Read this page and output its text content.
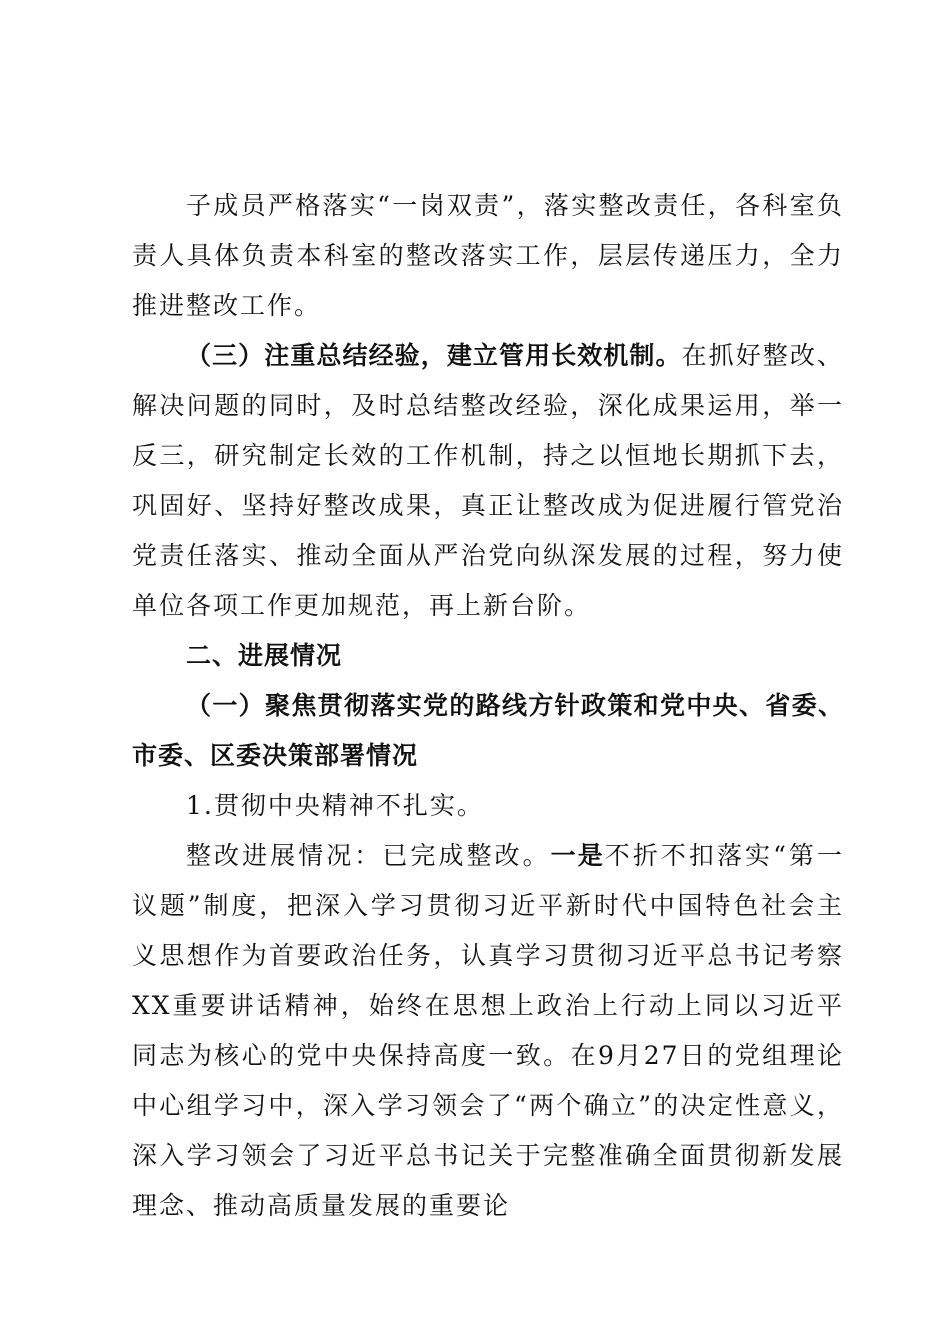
子成员严格落实“一岗双责”，落实整改责任，各科室负责人具体负责本科室的整改落实工作，层层传递压力，全力推进整改工作。

（三）注重总结经验，建立管用长效机制。在抓好整改、解决问题的同时，及时总结整改经验，深化成果运用，举一反三，研究制定长效的工作机制，持之以恒地长期抓下去，巩固好、坚持好整改成果，真正让整改成为促进履行管党治党责任落实、推动全面从严治党向纵深发展的过程，努力使单位各项工作更加规范，再上新台阶。

二、进展情况

（一）聚焦贯彻落实党的路线方针政策和党中央、省委、市委、区委决策部署情况

1.贯彻中央精神不扎实。

整改进展情况：已完成整改。一是不折不扣落实“第一议题”制度，把深入学习贯彻习近平新时代中国特色社会主义思想作为首要政治任务，认真学习贯彻习近平总书记考察XX重要讲话精神，始终在思想上政治上行动上同以习近平同志为核心的党中央保持高度一致。在9月27日的党组理论中心组学习中，深入学习领会了“两个确立”的决定性意义，深入学习领会了习近平总书记关于完整准确全面贯彻新发展理念、推动高质量发展的重要论
